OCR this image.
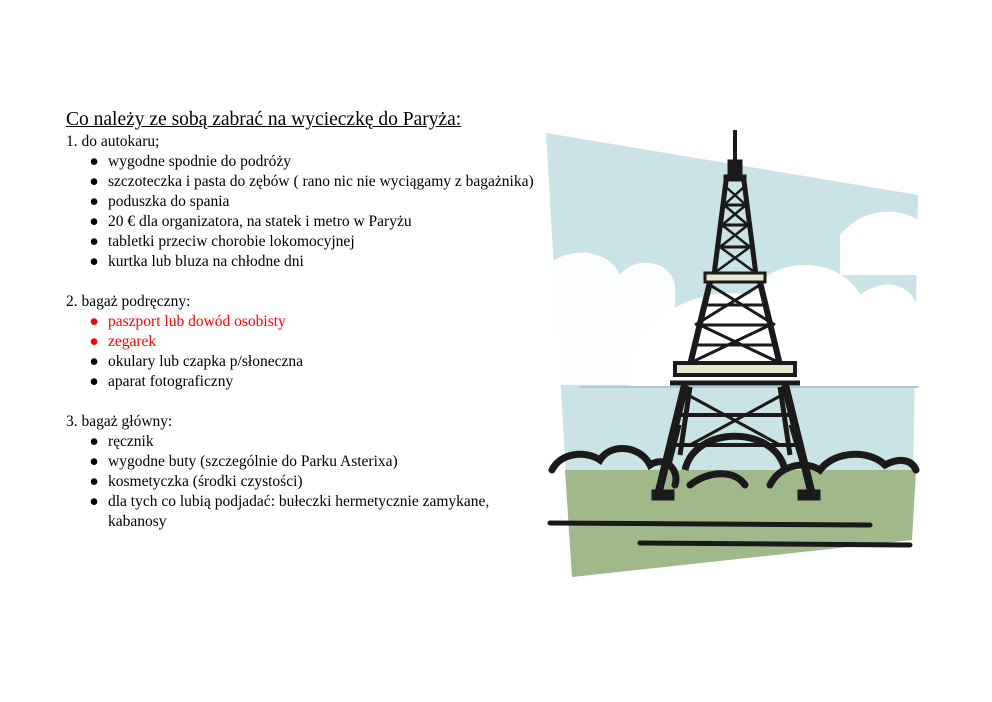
Co należy ze sobą zabrać na wycieczkę do Paryża:

1. do autokaru;

● wygodne spodnie do podróży
● szczoteczka i pasta do zębów ( rano nic nie wyciągamy z bagażnika)
● poduszka do spania
● 20 € dla organizatora, na statek i metro w Paryżu
● tabletki przeciw chorobie lokomocyjnej
● kurtka lub bluza na chłodne dni

2. bagaż podręczny:

● paszport lub dowód osobisty
● zegarek
● okulary lub czapka p/słoneczna
● aparat fotograficzny

3. bagaż główny:

● ręcznik
● wygodne buty (szczególnie do Parku Asterixa)
● kosmetyczka (środki czystości)
● dla tych co lubią podjadać: bułeczki hermetycznie zamykane, kabanosy
